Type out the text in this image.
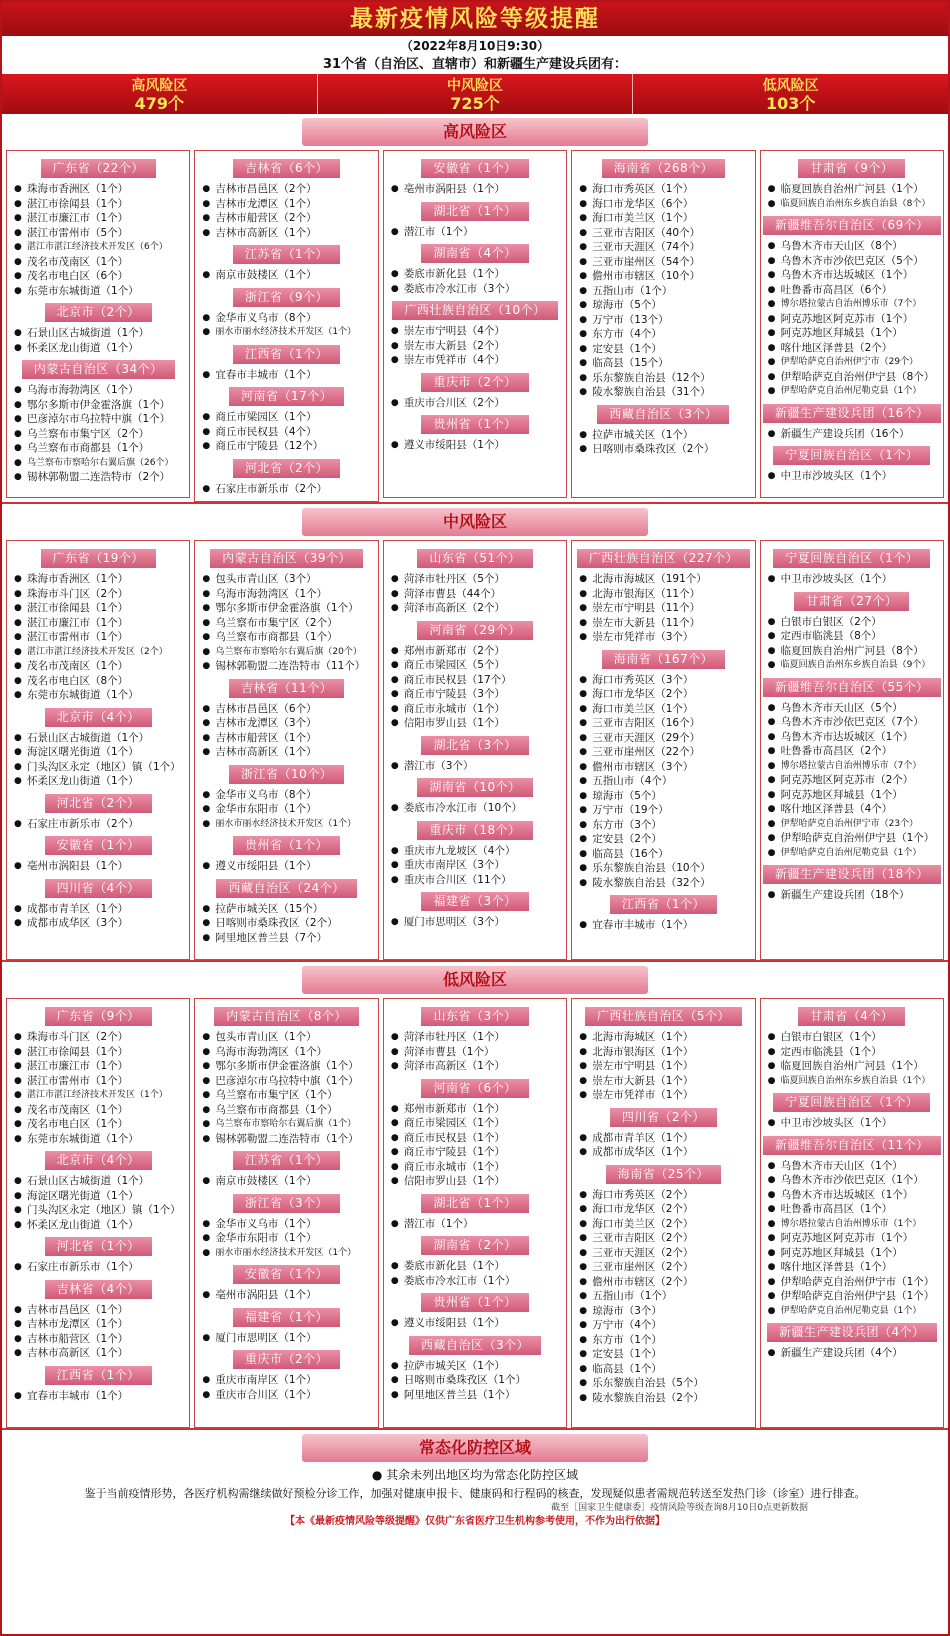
最新疫情风险等级提醒
（2022年8月10日9:30）
31个省（自治区、直辖市）和新疆生产建设兵团有：
高风险区
479个
中风险区
725个
低风险区
103个
高风险区
广东省（22个）
● 珠海市香洲区（1个）
● 湛江市徐闻县（1个）
● 湛江市廉江市（1个）
● 湛江市雷州市（5个）
● 湛江市湛江经济技术开发区（6个）
● 茂名市茂南区（1个）
● 茂名市电白区（6个）
● 东莞市东城街道（1个）
北京市（2个）
● 石景山区古城街道（1个）
● 怀柔区龙山街道（1个）
内蒙古自治区（34个）
● 乌海市海勃湾区（1个）
● 鄂尔多斯市伊金霍洛旗（1个）
● 巴彦淖尔市乌拉特中旗（1个）
● 乌兰察布市集宁区（2个）
● 乌兰察布市商都县（1个）
● 乌兰察布市察哈尔右翼后旗（26个）
● 锡林郭勒盟二连浩特市（2个）
吉林省（6个）
● 吉林市昌邑区（2个）
● 吉林市龙潭区（1个）
● 吉林市船营区（2个）
● 吉林市高新区（1个）
江苏省（1个）
● 南京市鼓楼区（1个）
浙江省（9个）
● 金华市义乌市（8个）
● 丽水市丽水经济技术开发区（1个）
江西省（1个）
● 宜春市丰城市（1个）
河南省（17个）
● 商丘市梁园区（1个）
● 商丘市民权县（4个）
● 商丘市宁陵县（12个）
河北省（2个）
● 石家庄市新乐市（2个）
安徽省（1个）
● 亳州市涡阳县（1个）
湖北省（1个）
● 潜江市（1个）
湖南省（4个）
● 娄底市新化县（1个）
● 娄底市冷水江市（3个）
广西壮族自治区（10个）
● 崇左市宁明县（4个）
● 崇左市大新县（2个）
● 崇左市凭祥市（4个）
重庆市（2个）
● 重庆市合川区（2个）
贵州省（1个）
● 遵义市绥阳县（1个）
海南省（268个）
● 海口市秀英区（1个）
● 海口市龙华区（6个）
● 海口市美兰区（1个）
● 三亚市吉阳区（40个）
● 三亚市天涯区（74个）
● 三亚市崖州区（54个）
● 儋州市市辖区（10个）
● 五指山市（1个）
● 琼海市（5个）
● 万宁市（13个）
● 东方市（4个）
● 定安县（1个）
● 临高县（15个）
● 乐东黎族自治县（12个）
● 陵水黎族自治县（31个）
西藏自治区（3个）
● 拉萨市城关区（1个）
● 日喀则市桑珠孜区（2个）
甘肃省（9个）
● 临夏回族自治州广河县（1个）
● 临夏回族自治州东乡族自治县（8个）
新疆维吾尔自治区（69个）
● 乌鲁木齐市天山区（8个）
● 乌鲁木齐市沙依巴克区（5个）
● 乌鲁木齐市达坂城区（1个）
● 吐鲁番市高昌区（6个）
● 博尔塔拉蒙古自治州博乐市（7个）
● 阿克苏地区阿克苏市（1个）
● 阿克苏地区拜城县（1个）
● 喀什地区泽普县（2个）
● 伊犁哈萨克自治州伊宁市（29个）
● 伊犁哈萨克自治州伊宁县（8个）
● 伊犁哈萨克自治州尼勒克县（1个）
新疆生产建设兵团（16个）
● 新疆生产建设兵团（16个）
宁夏回族自治区（1个）
● 中卫市沙坡头区（1个）
中风险区
广东省（19个）
● 珠海市香洲区（1个）
● 珠海市斗门区（2个）
● 湛江市徐闻县（1个）
● 湛江市廉江市（1个）
● 湛江市雷州市（1个）
● 湛江市湛江经济技术开发区（2个）
● 茂名市茂南区（1个）
● 茂名市电白区（8个）
● 东莞市东城街道（1个）
北京市（4个）
● 石景山区古城街道（1个）
● 海淀区曙光街道（1个）
● 门头沟区永定（地区）镇（1个）
● 怀柔区龙山街道（1个）
河北省（2个）
● 石家庄市新乐市（2个）
安徽省（1个）
● 亳州市涡阳县（1个）
四川省（4个）
● 成都市青羊区（1个）
● 成都市成华区（3个）
内蒙古自治区（39个）
● 包头市青山区（3个）
● 乌海市海勃湾区（1个）
● 鄂尔多斯市伊金霍洛旗（1个）
● 乌兰察布市集宁区（2个）
● 乌兰察布市商都县（1个）
● 乌兰察布市察哈尔右翼后旗（20个）
● 锡林郭勒盟二连浩特市（11个）
吉林省（11个）
● 吉林市昌邑区（6个）
● 吉林市龙潭区（3个）
● 吉林市船营区（1个）
● 吉林市高新区（1个）
浙江省（10个）
● 金华市义乌市（8个）
● 金华市东阳市（1个）
● 丽水市丽水经济技术开发区（1个）
贵州省（1个）
● 遵义市绥阳县（1个）
西藏自治区（24个）
● 拉萨市城关区（15个）
● 日喀则市桑珠孜区（2个）
● 阿里地区普兰县（7个）
山东省（51个）
● 菏泽市牡丹区（5个）
● 菏泽市曹县（44个）
● 菏泽市高新区（2个）
河南省（29个）
● 郑州市新郑市（2个）
● 商丘市梁园区（5个）
● 商丘市民权县（17个）
● 商丘市宁陵县（3个）
● 商丘市永城市（1个）
● 信阳市罗山县（1个）
湖北省（3个）
● 潜江市（3个）
湖南省（10个）
● 娄底市冷水江市（10个）
重庆市（18个）
● 重庆市九龙坡区（4个）
● 重庆市南岸区（3个）
● 重庆市合川区（11个）
福建省（3个）
● 厦门市思明区（3个）
广西壮族自治区（227个）
● 北海市海城区（191个）
● 北海市银海区（11个）
● 崇左市宁明县（11个）
● 崇左市大新县（11个）
● 崇左市凭祥市（3个）
海南省（167个）
● 海口市秀英区（3个）
● 海口市龙华区（2个）
● 海口市美兰区（1个）
● 三亚市吉阳区（16个）
● 三亚市天涯区（29个）
● 三亚市崖州区（22个）
● 儋州市市辖区（3个）
● 五指山市（4个）
● 琼海市（5个）
● 万宁市（19个）
● 东方市（3个）
● 定安县（2个）
● 临高县（16个）
● 乐东黎族自治县（10个）
● 陵水黎族自治县（32个）
江西省（1个）
● 宜春市丰城市（1个）
宁夏回族自治区（1个）
● 中卫市沙坡头区（1个）
甘肃省（27个）
● 白银市白银区（2个）
● 定西市临洮县（8个）
● 临夏回族自治州广河县（8个）
● 临夏回族自治州东乡族自治县（9个）
新疆维吾尔自治区（55个）
● 乌鲁木齐市天山区（5个）
● 乌鲁木齐市沙依巴克区（7个）
● 乌鲁木齐市达坂城区（1个）
● 吐鲁番市高昌区（2个）
● 博尔塔拉蒙古自治州博乐市（7个）
● 阿克苏地区阿克苏市（2个）
● 阿克苏地区拜城县（1个）
● 喀什地区泽普县（4个）
● 伊犁哈萨克自治州伊宁市（23个）
● 伊犁哈萨克自治州伊宁县（1个）
● 伊犁哈萨克自治州尼勒克县（1个）
新疆生产建设兵团（18个）
● 新疆生产建设兵团（18个）
低风险区
广东省（9个）
● 珠海市斗门区（2个）
● 湛江市徐闻县（1个）
● 湛江市廉江市（1个）
● 湛江市雷州市（1个）
● 湛江市湛江经济技术开发区（1个）
● 茂名市茂南区（1个）
● 茂名市电白区（1个）
● 东莞市东城街道（1个）
北京市（4个）
● 石景山区古城街道（1个）
● 海淀区曙光街道（1个）
● 门头沟区永定（地区）镇（1个）
● 怀柔区龙山街道（1个）
河北省（1个）
● 石家庄市新乐市（1个）
吉林省（4个）
● 吉林市昌邑区（1个）
● 吉林市龙潭区（1个）
● 吉林市船营区（1个）
● 吉林市高新区（1个）
江西省（1个）
● 宜春市丰城市（1个）
内蒙古自治区（8个）
● 包头市青山区（1个）
● 乌海市海勃湾区（1个）
● 鄂尔多斯市伊金霍洛旗（1个）
● 巴彦淖尔市乌拉特中旗（1个）
● 乌兰察布市集宁区（1个）
● 乌兰察布市商都县（1个）
● 乌兰察布市察哈尔右翼后旗（1个）
● 锡林郭勒盟二连浩特市（1个）
江苏省（1个）
● 南京市鼓楼区（1个）
浙江省（3个）
● 金华市义乌市（1个）
● 金华市东阳市（1个）
● 丽水市丽水经济技术开发区（1个）
安徽省（1个）
● 亳州市涡阳县（1个）
福建省（1个）
● 厦门市思明区（1个）
重庆市（2个）
● 重庆市南岸区（1个）
● 重庆市合川区（1个）
山东省（3个）
● 菏泽市牡丹区（1个）
● 菏泽市曹县（1个）
● 菏泽市高新区（1个）
河南省（6个）
● 郑州市新郑市（1个）
● 商丘市梁园区（1个）
● 商丘市民权县（1个）
● 商丘市宁陵县（1个）
● 商丘市永城市（1个）
● 信阳市罗山县（1个）
湖北省（1个）
● 潜江市（1个）
湖南省（2个）
● 娄底市新化县（1个）
● 娄底市冷水江市（1个）
贵州省（1个）
● 遵义市绥阳县（1个）
西藏自治区（3个）
● 拉萨市城关区（1个）
● 日喀则市桑珠孜区（1个）
● 阿里地区普兰县（1个）
广西壮族自治区（5个）
● 北海市海城区（1个）
● 北海市银海区（1个）
● 崇左市宁明县（1个）
● 崇左市大新县（1个）
● 崇左市凭祥市（1个）
四川省（2个）
● 成都市青羊区（1个）
● 成都市成华区（1个）
海南省（25个）
● 海口市秀英区（2个）
● 海口市龙华区（2个）
● 海口市美兰区（2个）
● 三亚市吉阳区（2个）
● 三亚市天涯区（2个）
● 三亚市崖州区（2个）
● 儋州市市辖区（2个）
● 五指山市（1个）
● 琼海市（3个）
● 万宁市（4个）
● 东方市（1个）
● 定安县（1个）
● 临高县（1个）
● 乐东黎族自治县（5个）
● 陵水黎族自治县（2个）
甘肃省（4个）
● 白银市白银区（1个）
● 定西市临洮县（1个）
● 临夏回族自治州广河县（1个）
● 临夏回族自治州东乡族自治县（1个）
宁夏回族自治区（1个）
● 中卫市沙坡头区（1个）
新疆维吾尔自治区（11个）
● 乌鲁木齐市天山区（1个）
● 乌鲁木齐市沙依巴克区（1个）
● 乌鲁木齐市达坂城区（1个）
● 吐鲁番市高昌区（1个）
● 博尔塔拉蒙古自治州博乐市（1个）
● 阿克苏地区阿克苏市（1个）
● 阿克苏地区拜城县（1个）
● 喀什地区泽普县（1个）
● 伊犁哈萨克自治州伊宁市（1个）
● 伊犁哈萨克自治州伊宁县（1个）
● 伊犁哈萨克自治州尼勒克县（1个）
新疆生产建设兵团（4个）
● 新疆生产建设兵团（4个）
常态化防控区域
● 其余未列出地区均为常态化防控区域
鉴于当前疫情形势，各医疗机构需继续做好预检分诊工作，加强对健康申报卡、健康码和行程码的核查，发现疑似患者需规范转送至发热门诊（诊室）进行排查。
截至［国家卫生健康委］疫情风险等级查询8月10日0点更新数据
【本《最新疫情风险等级提醒》仅供广东省医疗卫生机构参考使用，不作为出行依据】
